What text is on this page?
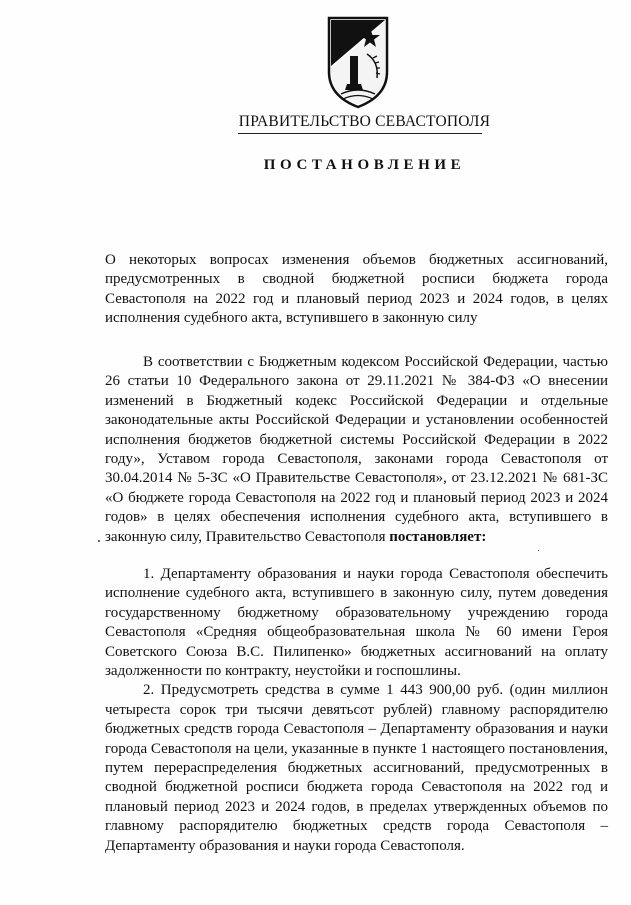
ПРАВИТЕЛЬСТВО СЕВАСТОПОЛЯ
ПОСТАНОВЛЕНИЕ
О некоторых вопросах изменения объемов бюджетных ассигнований, предусмотренных в сводной бюджетной росписи бюджета города Севастополя на 2022 год и плановый период 2023 и 2024 годов, в целях исполнения судебного акта, вступившего в законную силу

В соответствии с Бюджетным кодексом Российской Федерации, частью 26 статьи 10 Федерального закона от 29.11.2021 № 384-ФЗ «О внесении изменений в Бюджетный кодекс Российской Федерации и отдельные законодательные акты Российской Федерации и установлении особенностей исполнения бюджетов бюджетной системы Российской Федерации в 2022 году», Уставом города Севастополя, законами города Севастополя от 30.04.2014 № 5-ЗС «О Правительстве Севастополя», от 23.12.2021 № 681-ЗС «О бюджете города Севастополя на 2022 год и плановый период 2023 и 2024 годов» в целях обеспечения исполнения судебного акта, вступившего в законную силу, Правительство Севастополя постановляет:

1. Департаменту образования и науки города Севастополя обеспечить исполнение судебного акта, вступившего в законную силу, путем доведения государственному бюджетному образовательному учреждению города Севастополя «Средняя общеобразовательная школа № 60 имени Героя Советского Союза В.С. Пилипенко» бюджетных ассигнований на оплату задолженности по контракту, неустойки и госпошлины.

2. Предусмотреть средства в сумме 1 443 900,00 руб. (один миллион четыреста сорок три тысячи девятьсот рублей) главному распорядителю бюджетных средств города Севастополя – Департаменту образования и науки города Севастополя на цели, указанные в пункте 1 настоящего постановления, путем перераспределения бюджетных ассигнований, предусмотренных в сводной бюджетной росписи бюджета города Севастополя на 2022 год и плановый период 2023 и 2024 годов, в пределах утвержденных объемов по главному распорядителю бюджетных средств города Севастополя – Департаменту образования и науки города Севастополя.
